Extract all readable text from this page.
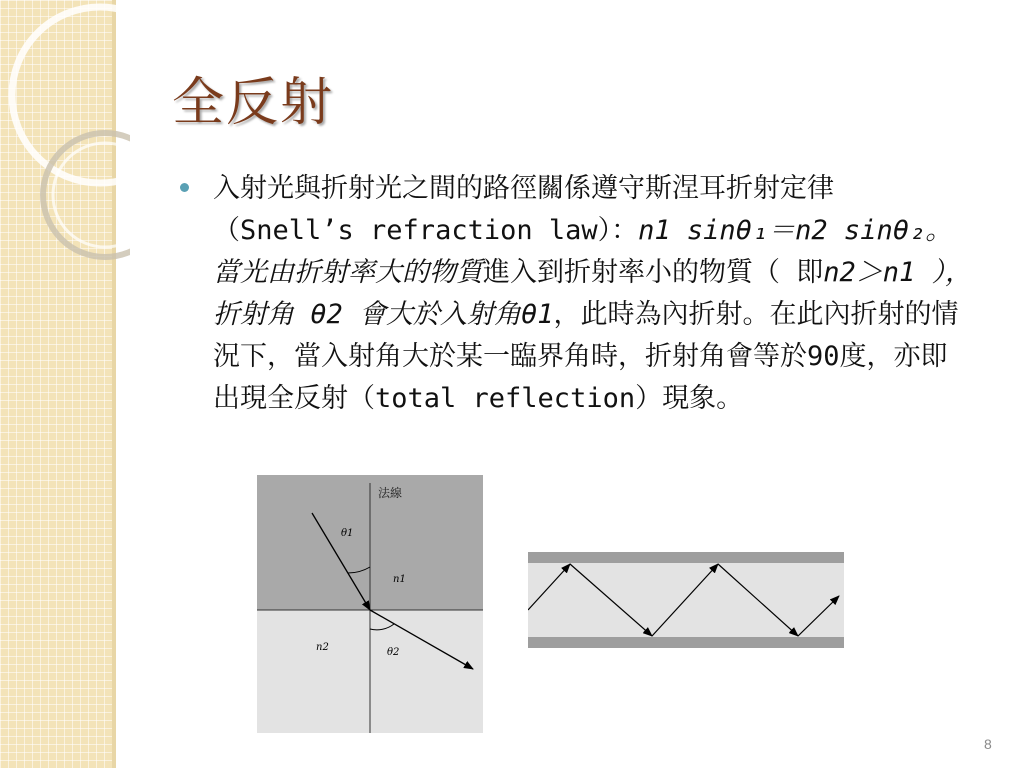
全反射

入射光與折射光之間的路徑關係遵守斯涅耳折射定律（Snell’s refraction law）：n1 sinθ₁＝n2 sinθ₂。當光由折射率大的物質進入到折射率小的物質（ 即n2＞n1 ），折射角 θ2 會大於入射角θ1，此時為內折射。在此內折射的情況下，當入射角大於某一臨界角時，折射角會等於90度，亦即出現全反射（total reflection）現象。

法線
θ1
n1
n2	θ2
8
